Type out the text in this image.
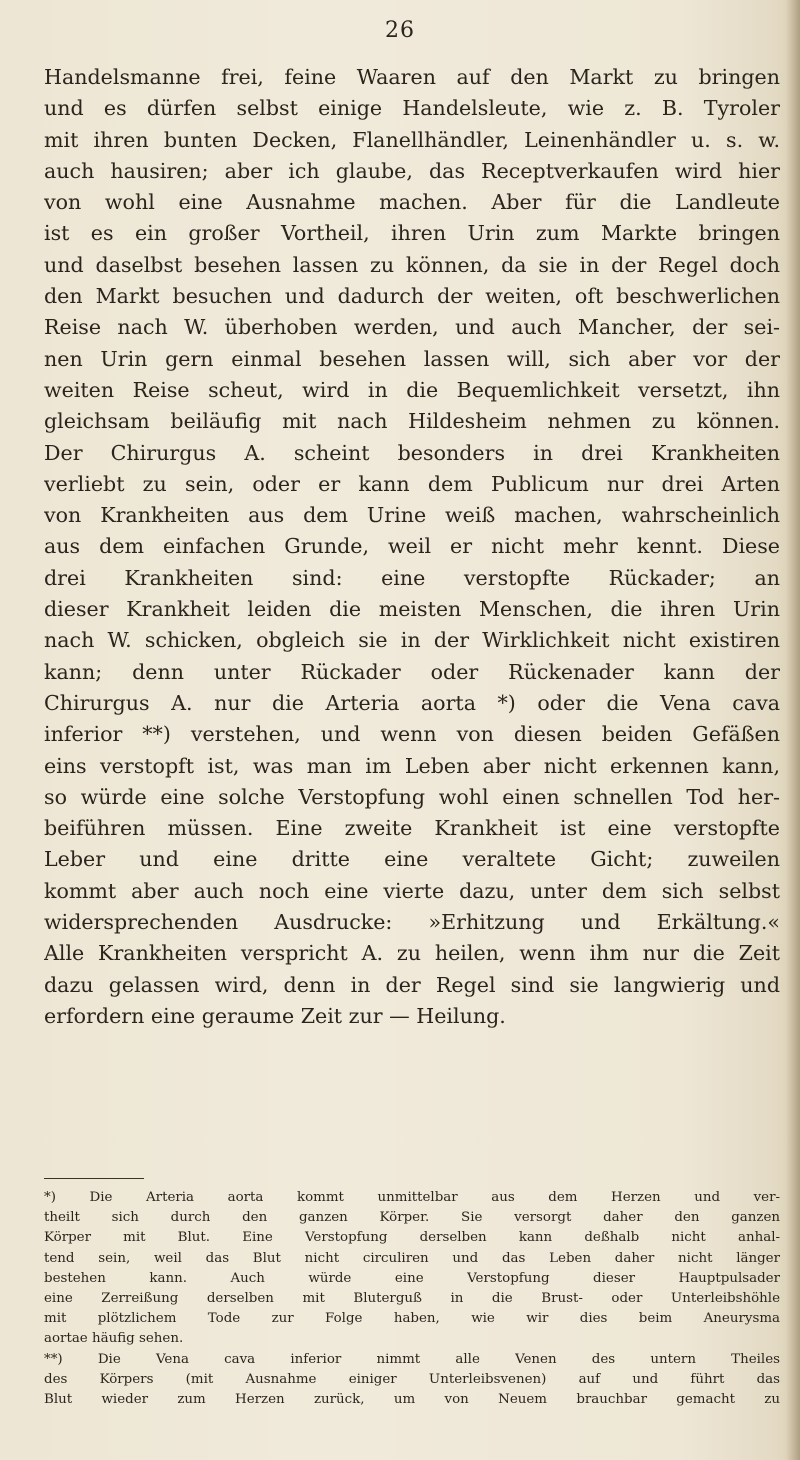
26
Handelsmanne frei, feine Waaren auf den Markt zu bringen
und es dürfen selbst einige Handelsleute, wie z. B. Tyroler
mit ihren bunten Decken, Flanellhändler, Leinenhändler u. s. w.
auch hausiren; aber ich glaube, das Receptverkaufen wird hier
von wohl eine Ausnahme machen. Aber für die Landleute
ist es ein großer Vortheil, ihren Urin zum Markte bringen
und daselbst besehen lassen zu können, da sie in der Regel doch
den Markt besuchen und dadurch der weiten, oft beschwerlichen
Reise nach W. überhoben werden, und auch Mancher, der sei-
nen Urin gern einmal besehen lassen will, sich aber vor der
weiten Reise scheut, wird in die Bequemlichkeit versetzt, ihn
gleichsam beiläufig mit nach Hildesheim nehmen zu können.
Der Chirurgus A. scheint besonders in drei Krankheiten
verliebt zu sein, oder er kann dem Publicum nur drei Arten
von Krankheiten aus dem Urine weiß machen, wahrscheinlich
aus dem einfachen Grunde, weil er nicht mehr kennt. Diese
drei Krankheiten sind: eine verstopfte Rückader; an
dieser Krankheit leiden die meisten Menschen, die ihren Urin
nach W. schicken, obgleich sie in der Wirklichkeit nicht existiren
kann; denn unter Rückader oder Rückenader kann der
Chirurgus A. nur die Arteria aorta *) oder die Vena cava
inferior **) verstehen, und wenn von diesen beiden Gefäßen
eins verstopft ist, was man im Leben aber nicht erkennen kann,
so würde eine solche Verstopfung wohl einen schnellen Tod her-
beiführen müssen. Eine zweite Krankheit ist eine verstopfte
Leber und eine dritte eine veraltete Gicht; zuweilen
kommt aber auch noch eine vierte dazu, unter dem sich selbst
widersprechenden Ausdrucke: »Erhitzung und Erkältung.«
Alle Krankheiten verspricht A. zu heilen, wenn ihm nur die Zeit
dazu gelassen wird, denn in der Regel sind sie langwierig und
erfordern eine geraume Zeit zur — Heilung.
*) Die Arteria aorta kommt unmittelbar aus dem Herzen und ver-
theilt sich durch den ganzen Körper. Sie versorgt daher den ganzen
Körper mit Blut. Eine Verstopfung derselben kann deßhalb nicht anhal-
tend sein, weil das Blut nicht circuliren und das Leben daher nicht länger
bestehen kann. Auch würde eine Verstopfung dieser Hauptpulsader
eine Zerreißung derselben mit Bluterguß in die Brust- oder Unterleibshöhle
mit plötzlichem Tode zur Folge haben, wie wir dies beim Aneurysma
aortae häufig sehen.
**) Die Vena cava inferior nimmt alle Venen des untern Theiles
des Körpers (mit Ausnahme einiger Unterleibsvenen) auf und führt das
Blut wieder zum Herzen zurück, um von Neuem brauchbar gemacht zu
